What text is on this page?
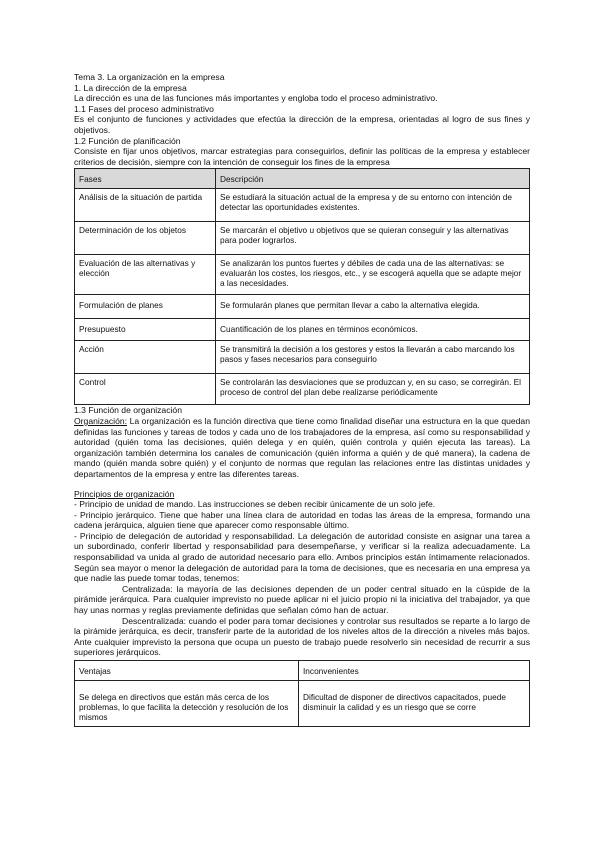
Tema 3. La organización en la empresa
1. La dirección de la empresa
La dirección es una de las funciones más importantes y engloba todo el proceso administrativo.
1.1 Fases del proceso administrativo
Es el conjunto de funciones y actividades que efectúa la dirección de la empresa, orientadas al logro de sus fines y objetivos.
1.2 Función de planificación
Consiste en fijar unos objetivos, marcar estrategias para conseguirlos, definir las políticas de la empresa y establecer criterios de decisión, siempre con la intención de conseguir los fines de la empresa
Fases	Descripción
Análisis de la situación de partida	Se estudiará la situación actual de la empresa y de su entorno con intención de detectar las oportunidades existentes.
Determinación de los objetos	Se marcarán el objetivo u objetivos que se quieran conseguir y las alternativas para poder lograrlos.
Evaluación de las alternativas y elección	Se analizarán los puntos fuertes y débiles de cada una de las alternativas: se evaluarán los costes, los riesgos, etc., y se escogerá aquella que se adapte mejor a las necesidades.
Formulación de planes	Se formularán planes que permitan llevar a cabo la alternativa elegida.
Presupuesto	Cuantificación de los planes en términos económicos.
Acción	Se transmitirá la decisión a los gestores y estos la llevarán a cabo marcando los pasos y fases necesarios para conseguirlo
Control	Se controlarán las desviaciones que se produzcan y, en su caso, se corregirán. El proceso de control del plan debe realizarse periódicamente
1.3 Función de organización
Organización: La organización es la función directiva que tiene como finalidad diseñar una estructura en la que quedan definidas las funciones y tareas de todos y cada uno de los trabajadores de la empresa, así como su responsabilidad y autoridad (quién toma las decisiones, quién delega y en quién, quién controla y quién ejecuta las tareas). La organización también determina los canales de comunicación (quién informa a quién y de qué manera), la cadena de mando (quién manda sobre quién) y el conjunto de normas que regulan las relaciones entre las distintas unidades y departamentos de la empresa y entre las diferentes tareas.
Principios de organización
- Principio de unidad de mando. Las instrucciones se deben recibir únicamente de un solo jefe.
- Principio jerárquico. Tiene que haber una línea clara de autoridad en todas las áreas de la empresa, formando una cadena jerárquica, alguien tiene que aparecer como responsable último.
- Principio de delegación de autoridad y responsabilidad. La delegación de autoridad consiste en asignar una tarea a un subordinado, conferir libertad y responsabilidad para desempeñarse, y verificar si la realiza adecuadamente. La responsabilidad va unida al grado de autoridad necesario para ello. Ambos principios están íntimamente relacionados. Según sea mayor o menor la delegación de autoridad para la toma de decisiones, que es necesaria en una empresa ya que nadie las puede tomar todas, tenemos:
Centralizada: la mayoría de las decisiones dependen de un poder central situado en la cúspide de la pirámide jerárquica. Para cualquier imprevisto no puede aplicar ni el juicio propio ni la iniciativa del trabajador, ya que hay unas normas y reglas previamente definidas que señalan cómo han de actuar.
Descentralizada: cuando el poder para tomar decisiones y controlar sus resultados se reparte a lo largo de la pirámide jerárquica, es decir, transferir parte de la autoridad de los niveles altos de la dirección a niveles más bajos. Ante cualquier imprevisto la persona que ocupa un puesto de trabajo puede resolverlo sin necesidad de recurrir a sus superiores jerárquicos.
Ventajas	Inconvenientes
Se delega en directivos que están más cerca de los problemas, lo que facilita la detección y resolución de los mismos	Dificultad de disponer de directivos capacitados, puede disminuir la calidad y es un riesgo que se corre
